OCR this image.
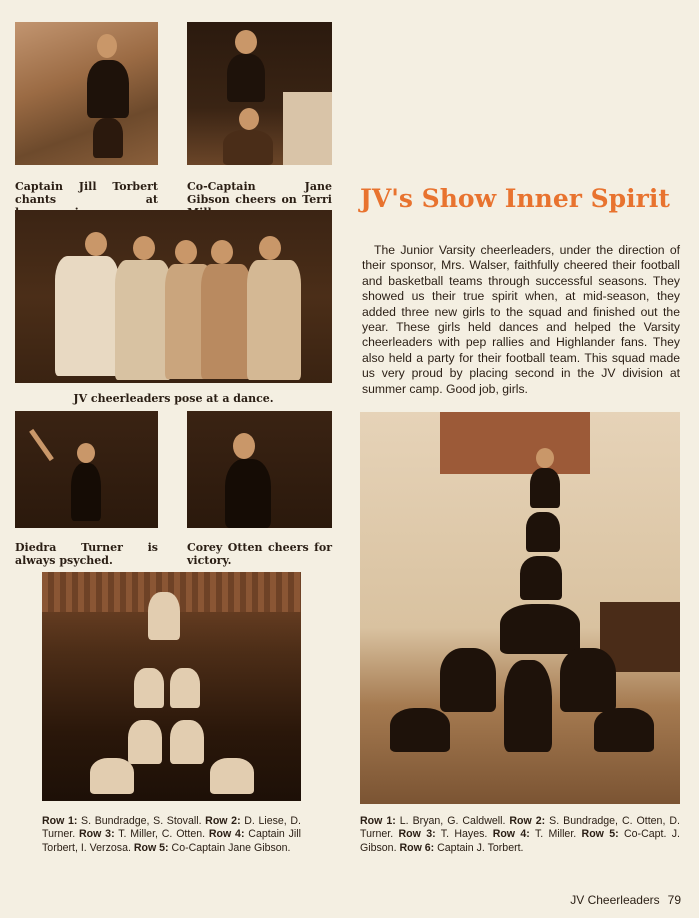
Captain Jill Torbert chants at
Co-Captain Jane Gibson cheers on Terri
JV cheerleaders pose at a dance.
Diedra Turner is always psyched.
Corey Otten cheers for victory.
JV's Show Inner Spirit
The Junior Varsity cheerleaders, under the direction of their sponsor, Mrs. Walser, faithfully cheered their football and basketball teams through successful seasons. They showed us their true spirit when, at mid-season, they added three new girls to the squad and finished out the year. These girls held dances and helped the Varsity cheerleaders with pep rallies and Highlander fans. They also held a party for their football team. This squad made us very proud by placing second in the JV division at summer camp. Good job, girls.
Row 1: S. Bundradge, S. Stovall. Row 2: D. Liese, D. Turner. Row 3: T. Miller, C. Otten. Row 4: Captain Jill Torbert, I. Verzosa. Row 5: Co-Captain Jane Gibson.
Row 1: L. Bryan, G. Caldwell. Row 2: S. Bundradge, C. Otten, D. Turner. Row 3: T. Hayes. Row 4: T. Miller. Row 5: Co-Capt. J. Gibson. Row 6: Captain J. Torbert.
JV Cheerleaders 79
